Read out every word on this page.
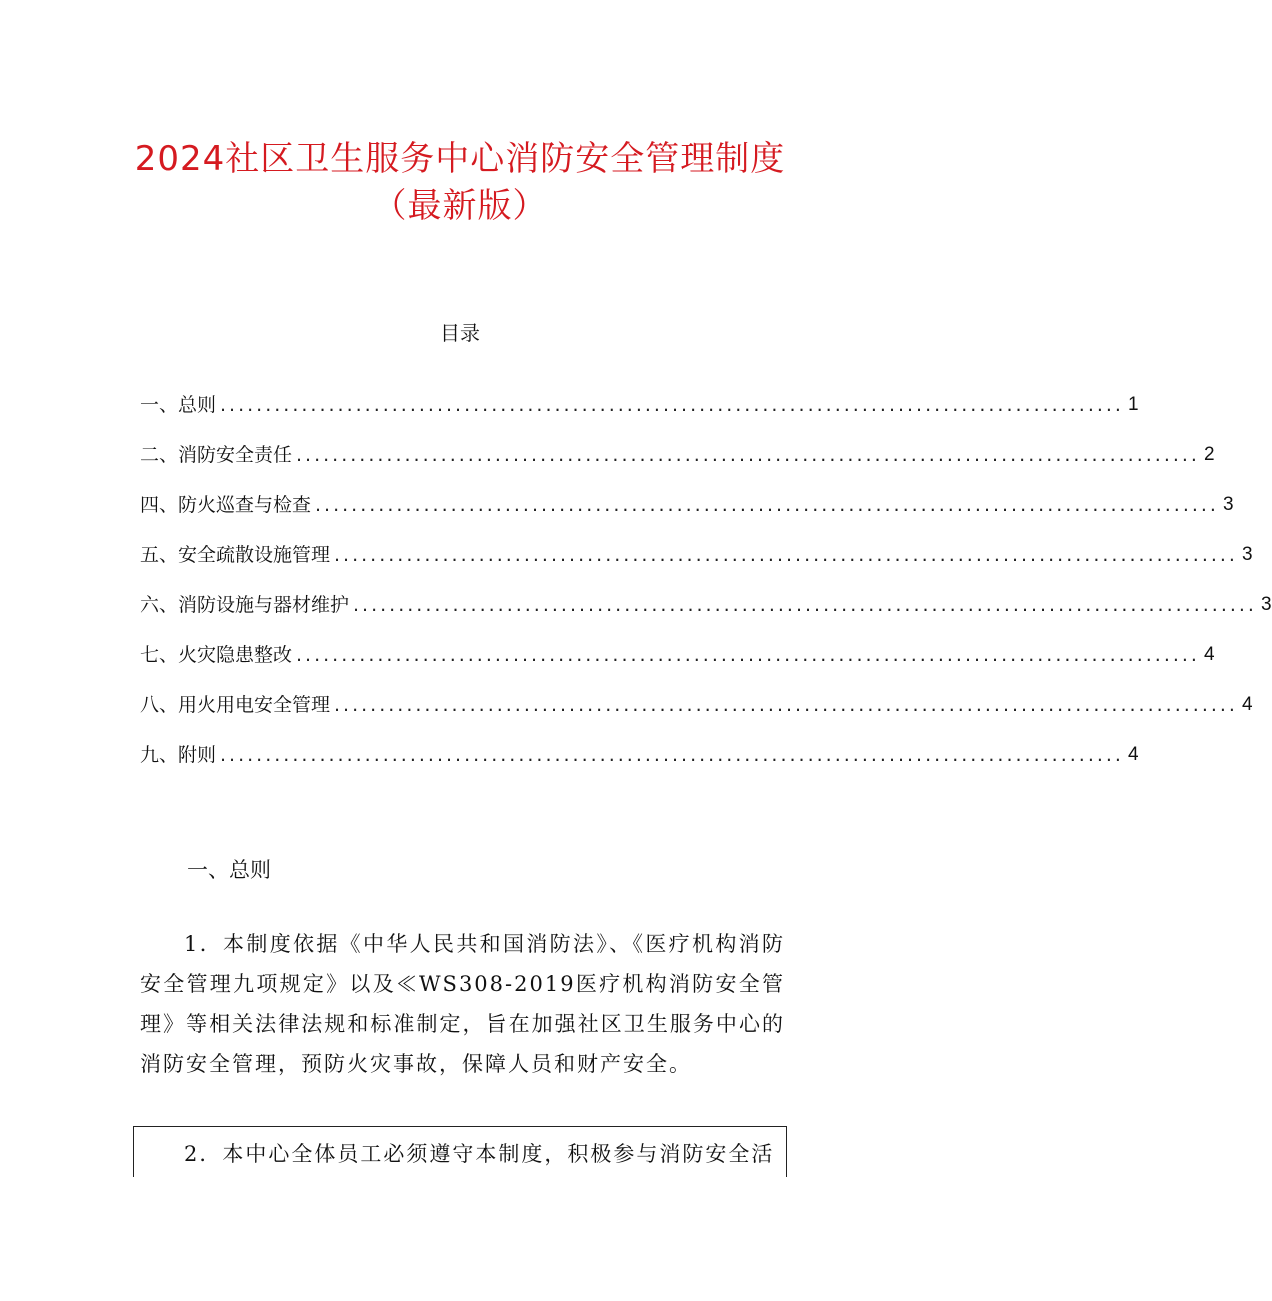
2024社区卫生服务中心消防安全管理制度
（最新版）
目录
一、总则 .................................................................................................... 1
二、消防安全责任 .................................................................................................... 2
四、防火巡查与检查 .................................................................................................... 3
五、安全疏散设施管理 .................................................................................................... 3
六、消防设施与器材维护 .................................................................................................... 3
七、火灾隐患整改 .................................................................................................... 4
八、用火用电安全管理 .................................................................................................... 4
九、附则 .................................................................................................... 4
一、总则
1．本制度依据《中华人民共和国消防法》、《医疗机构消防安全管理九项规定》以及≪WS308-2019医疗机构消防安全管理》等相关法律法规和标准制定，旨在加强社区卫生服务中心的消防安全管理，预防火灾事故，保障人员和财产安全。
2．本中心全体员工必须遵守本制度，积极参与消防安全活
